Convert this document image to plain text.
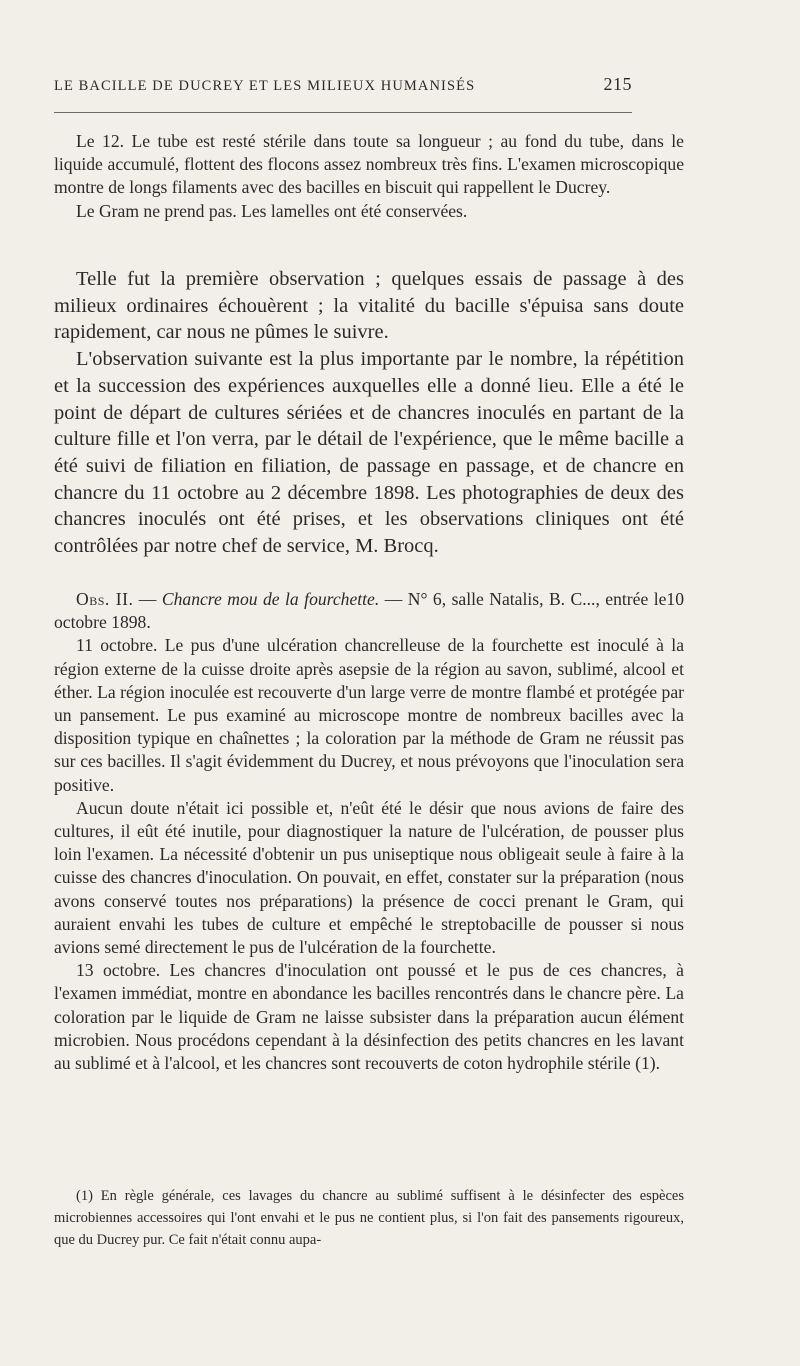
LE BACILLE DE DUCREY ET LES MILIEUX HUMANISÉS	215

Le 12. Le tube est resté stérile dans toute sa longueur ; au fond du tube, dans le liquide accumulé, flottent des flocons assez nombreux très fins. L'examen microscopique montre de longs filaments avec des bacilles en biscuit qui rappellent le Ducrey.

Le Gram ne prend pas. Les lamelles ont été conservées.

Telle fut la première observation ; quelques essais de passage à des milieux ordinaires échouèrent ; la vitalité du bacille s'épuisa sans doute rapidement, car nous ne pûmes le suivre.

L'observation suivante est la plus importante par le nombre, la répétition et la succession des expériences auxquelles elle a donné lieu. Elle a été le point de départ de cultures sériées et de chancres inoculés en partant de la culture fille et l'on verra, par le détail de l'expérience, que le même bacille a été suivi de filiation en filiation, de passage en passage, et de chancre en chancre du 11 octobre au 2 décembre 1898. Les photographies de deux des chancres inoculés ont été prises, et les observations cliniques ont été contrôlées par notre chef de service, M. Brocq.

Obs. II. — Chancre mou de la fourchette. — N° 6, salle Natalis, B. C..., entrée le10 octobre 1898.

11 octobre. Le pus d'une ulcération chancrelleuse de la fourchette est inoculé à la région externe de la cuisse droite après asepsie de la région au savon, sublimé, alcool et éther. La région inoculée est recouverte d'un large verre de montre flambé et protégée par un pansement. Le pus examiné au microscope montre de nombreux bacilles avec la disposition typique en chaînettes ; la coloration par la méthode de Gram ne réussit pas sur ces bacilles. Il s'agit évidemment du Ducrey, et nous prévoyons que l'inoculation sera positive.

Aucun doute n'était ici possible et, n'eût été le désir que nous avions de faire des cultures, il eût été inutile, pour diagnostiquer la nature de l'ulcération, de pousser plus loin l'examen. La nécessité d'obtenir un pus uniseptique nous obligeait seule à faire à la cuisse des chancres d'inoculation. On pouvait, en effet, constater sur la préparation (nous avons conservé toutes nos préparations) la présence de cocci prenant le Gram, qui auraient envahi les tubes de culture et empêché le streptobacille de pousser si nous avions semé directement le pus de l'ulcération de la fourchette.

13 octobre. Les chancres d'inoculation ont poussé et le pus de ces chancres, à l'examen immédiat, montre en abondance les bacilles rencontrés dans le chancre père. La coloration par le liquide de Gram ne laisse subsister dans la préparation aucun élément microbien. Nous procédons cependant à la désinfection des petits chancres en les lavant au sublimé et à l'alcool, et les chancres sont recouverts de coton hydrophile stérile (1).

(1) En règle générale, ces lavages du chancre au sublimé suffisent à le désinfecter des espèces microbiennes accessoires qui l'ont envahi et le pus ne contient plus, si l'on fait des pansements rigoureux, que du Ducrey pur. Ce fait n'était connu aupa-
